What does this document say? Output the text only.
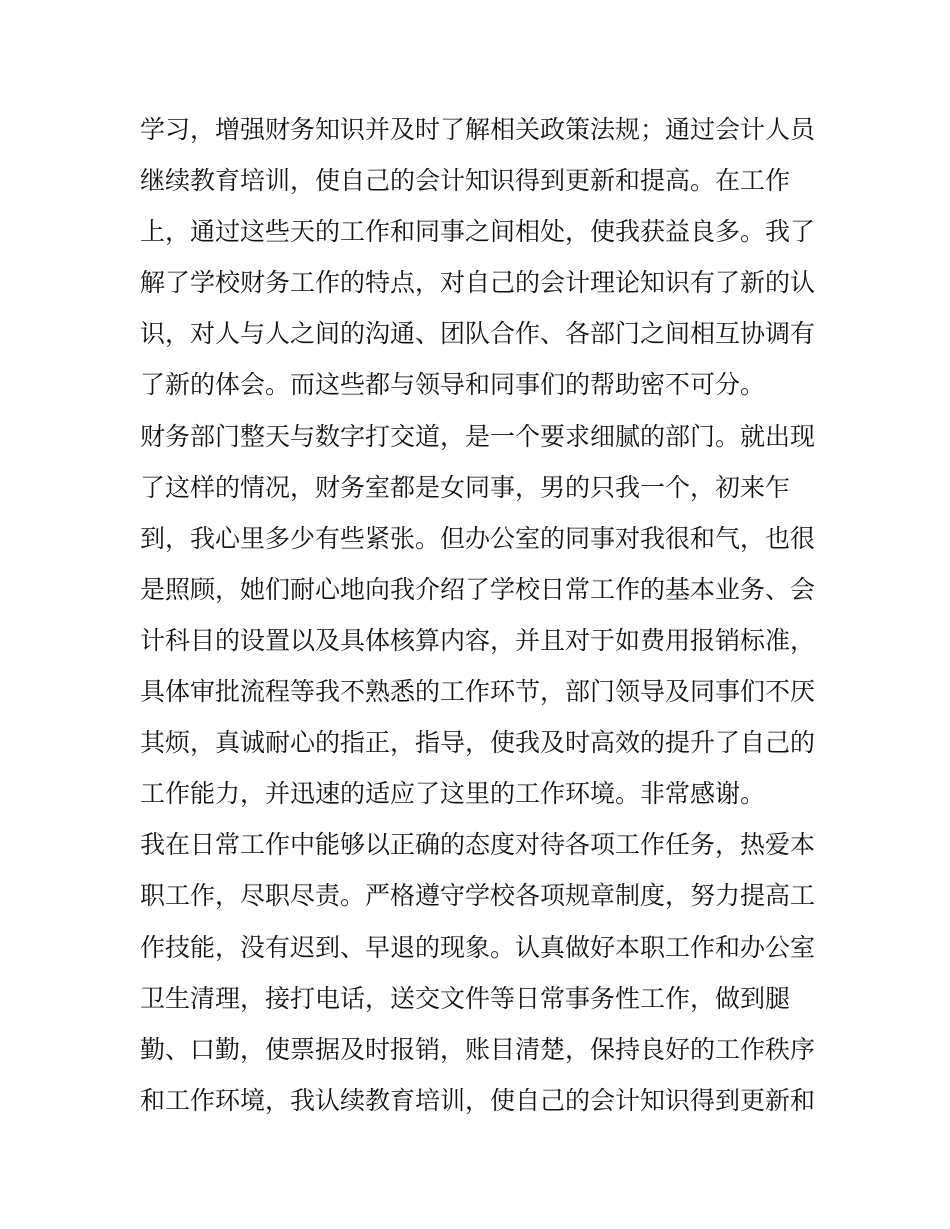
学习，增强财务知识并及时了解相关政策法规；通过会计人员
继续教育培训，使自己的会计知识得到更新和提高。在工作
上，通过这些天的工作和同事之间相处，使我获益良多。我了
解了学校财务工作的特点，对自己的会计理论知识有了新的认
识，对人与人之间的沟通、团队合作、各部门之间相互协调有
了新的体会。而这些都与领导和同事们的帮助密不可分。
财务部门整天与数字打交道，是一个要求细腻的部门。就出现
了这样的情况，财务室都是女同事，男的只我一个，初来乍
到，我心里多少有些紧张。但办公室的同事对我很和气，也很
是照顾，她们耐心地向我介绍了学校日常工作的基本业务、会
计科目的设置以及具体核算内容，并且对于如费用报销标准，
具体审批流程等我不熟悉的工作环节，部门领导及同事们不厌
其烦，真诚耐心的指正，指导，使我及时高效的提升了自己的
工作能力，并迅速的适应了这里的工作环境。非常感谢。
我在日常工作中能够以正确的态度对待各项工作任务，热爱本
职工作，尽职尽责。严格遵守学校各项规章制度，努力提高工
作技能，没有迟到、早退的现象。认真做好本职工作和办公室
卫生清理，接打电话，送交文件等日常事务性工作，做到腿
勤、口勤，使票据及时报销，账目清楚，保持良好的工作秩序
和工作环境，我认续教育培训，使自己的会计知识得到更新和
